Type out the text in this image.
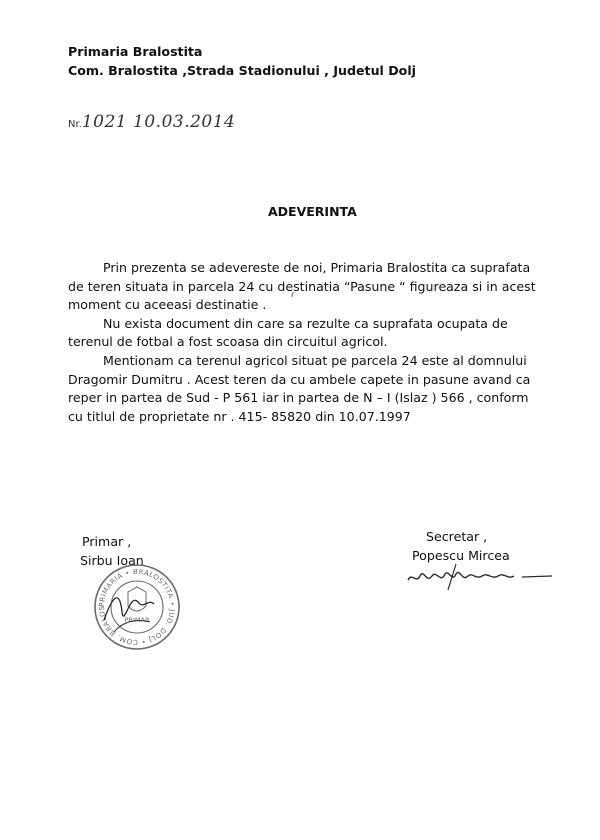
Primaria Bralostita
Com. Bralostita ,Strada Stadionului , Judetul Dolj
Nr.1021 10.03.2014
ADEVERINTA

Prin prezenta se adevereste de noi, Primaria Bralostita ca suprafata de teren situata in parcela 24 cu destinatia “Pasune “ figureaza si in acest moment cu aceeasi destinatie .

Nu exista document din care sa rezulte ca suprafata ocupata de terenul de fotbal a fost scoasa din circuitul agricol.

Mentionam ca terenul agricol situat pe parcela 24 este al domnului Dragomir Dumitru . Acest teren da cu ambele capete in pasune avand ca reper in partea de Sud - P 561 iar in partea de N – I (Islaz ) 566 , conform cu titlul de proprietate nr . 415- 85820 din 10.07.1997

Primar ,
Sirbu Ioan
Secretar ,
Popescu Mircea
PRIMARIA • BRALOSTITA • JUD. DOLJ • COM. BRALOS
PRIMAR
